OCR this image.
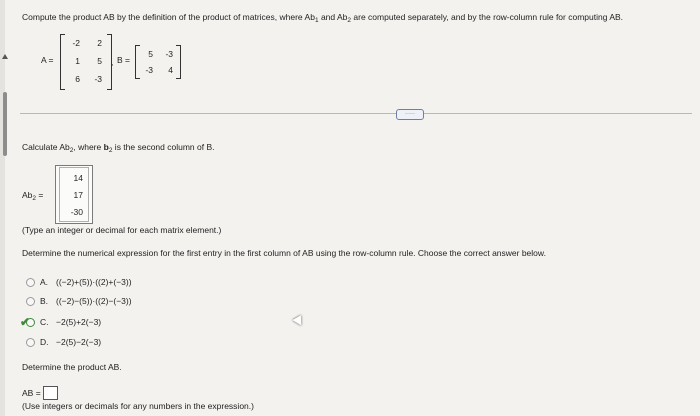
Compute the product AB by the definition of the product of matrices, where $Ab_1$ and $Ab_2$ are computed separately, and by the row-column rule for computing AB.
A =
-2	2
1	5
6	-3
, B =
5	-3
-3	4
·····
Calculate $Ab_2$, where $b_2$ is the second column of B.
$Ab_2$ =
14
17
-30
(Type an integer or decimal for each matrix element.)
Determine the numerical expression for the first entry in the first column of AB using the row-column rule. Choose the correct answer below.
A. ((−2)+(5))·((2)+(−3))
B. ((−2)−(5))·((2)−(−3))
✔ C. −2(5)+2(−3)
D. −2(5)−2(−3)
Determine the product AB.
AB =
(Use integers or decimals for any numbers in the expression.)
